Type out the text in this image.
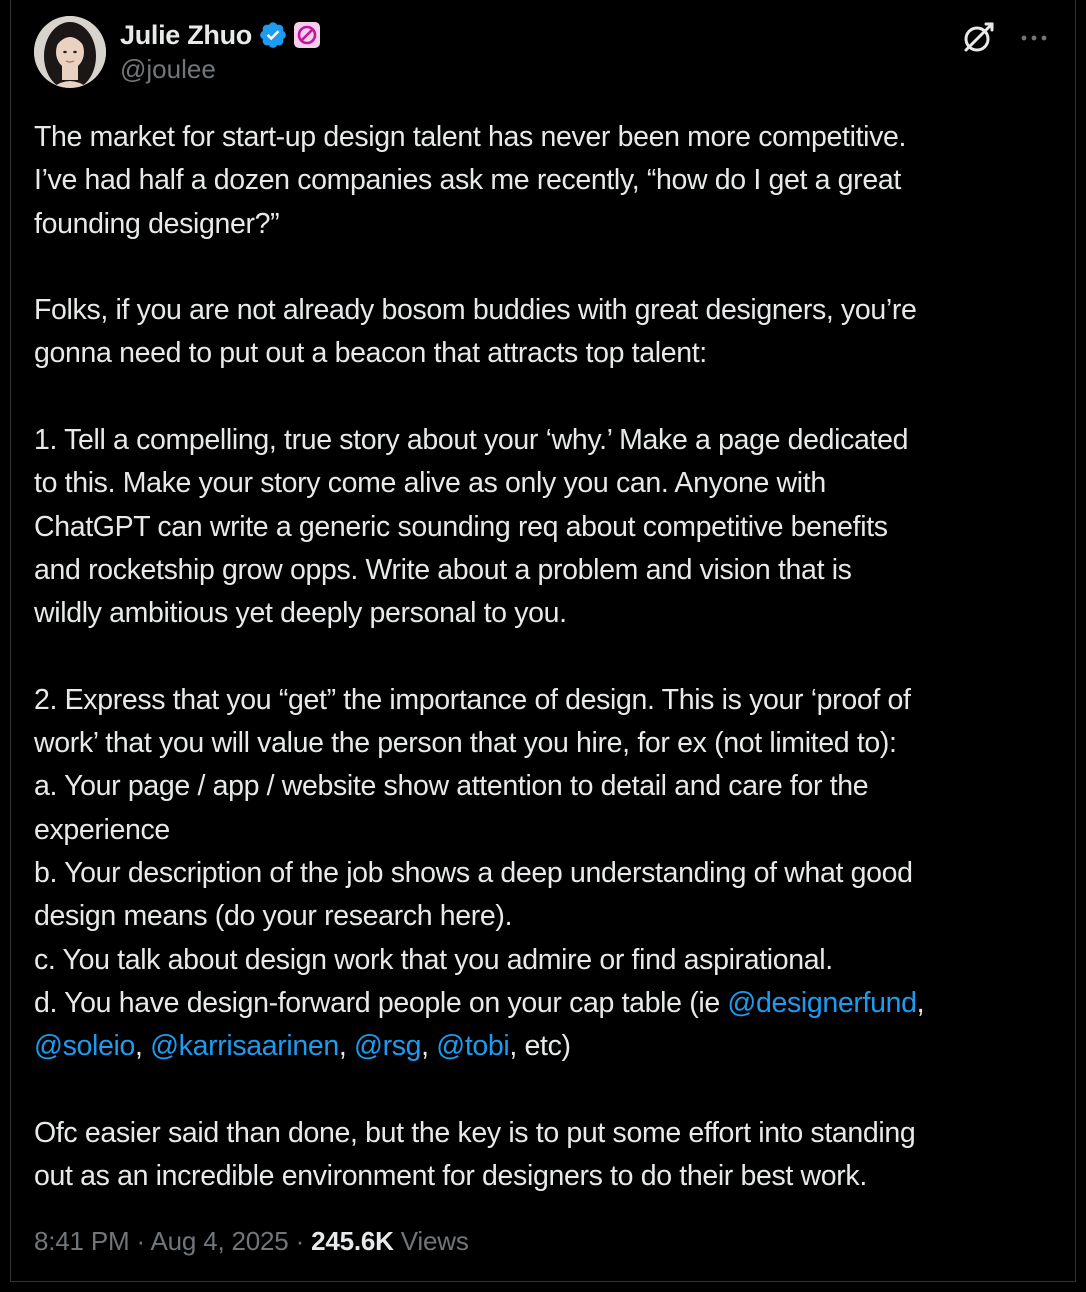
Julie Zhuo
@joulee

The market for start-up design talent has never been more competitive.

I’ve had half a dozen companies ask me recently, “how do I get a great

founding designer?”

Folks, if you are not already bosom buddies with great designers, you’re

gonna need to put out a beacon that attracts top talent:

1. Tell a compelling, true story about your ‘why.’ Make a page dedicated

to this. Make your story come alive as only you can. Anyone with

ChatGPT can write a generic sounding req about competitive benefits

and rocketship grow opps. Write about a problem and vision that is

wildly ambitious yet deeply personal to you.

2. Express that you “get” the importance of design. This is your ‘proof of

work’ that you will value the person that you hire, for ex (not limited to):

a. Your page / app / website show attention to detail and care for the

experience

b. Your description of the job shows a deep understanding of what good

design means (do your research here).

c. You talk about design work that you admire or find aspirational.

d. You have design-forward people on your cap table (ie @designerfund,

@soleio, @karrisaarinen, @rsg, @tobi, etc)

Ofc easier said than done, but the key is to put some effort into standing

out as an incredible environment for designers to do their best work.

8:41 PM · Aug 4, 2025 · 245.6K Views
